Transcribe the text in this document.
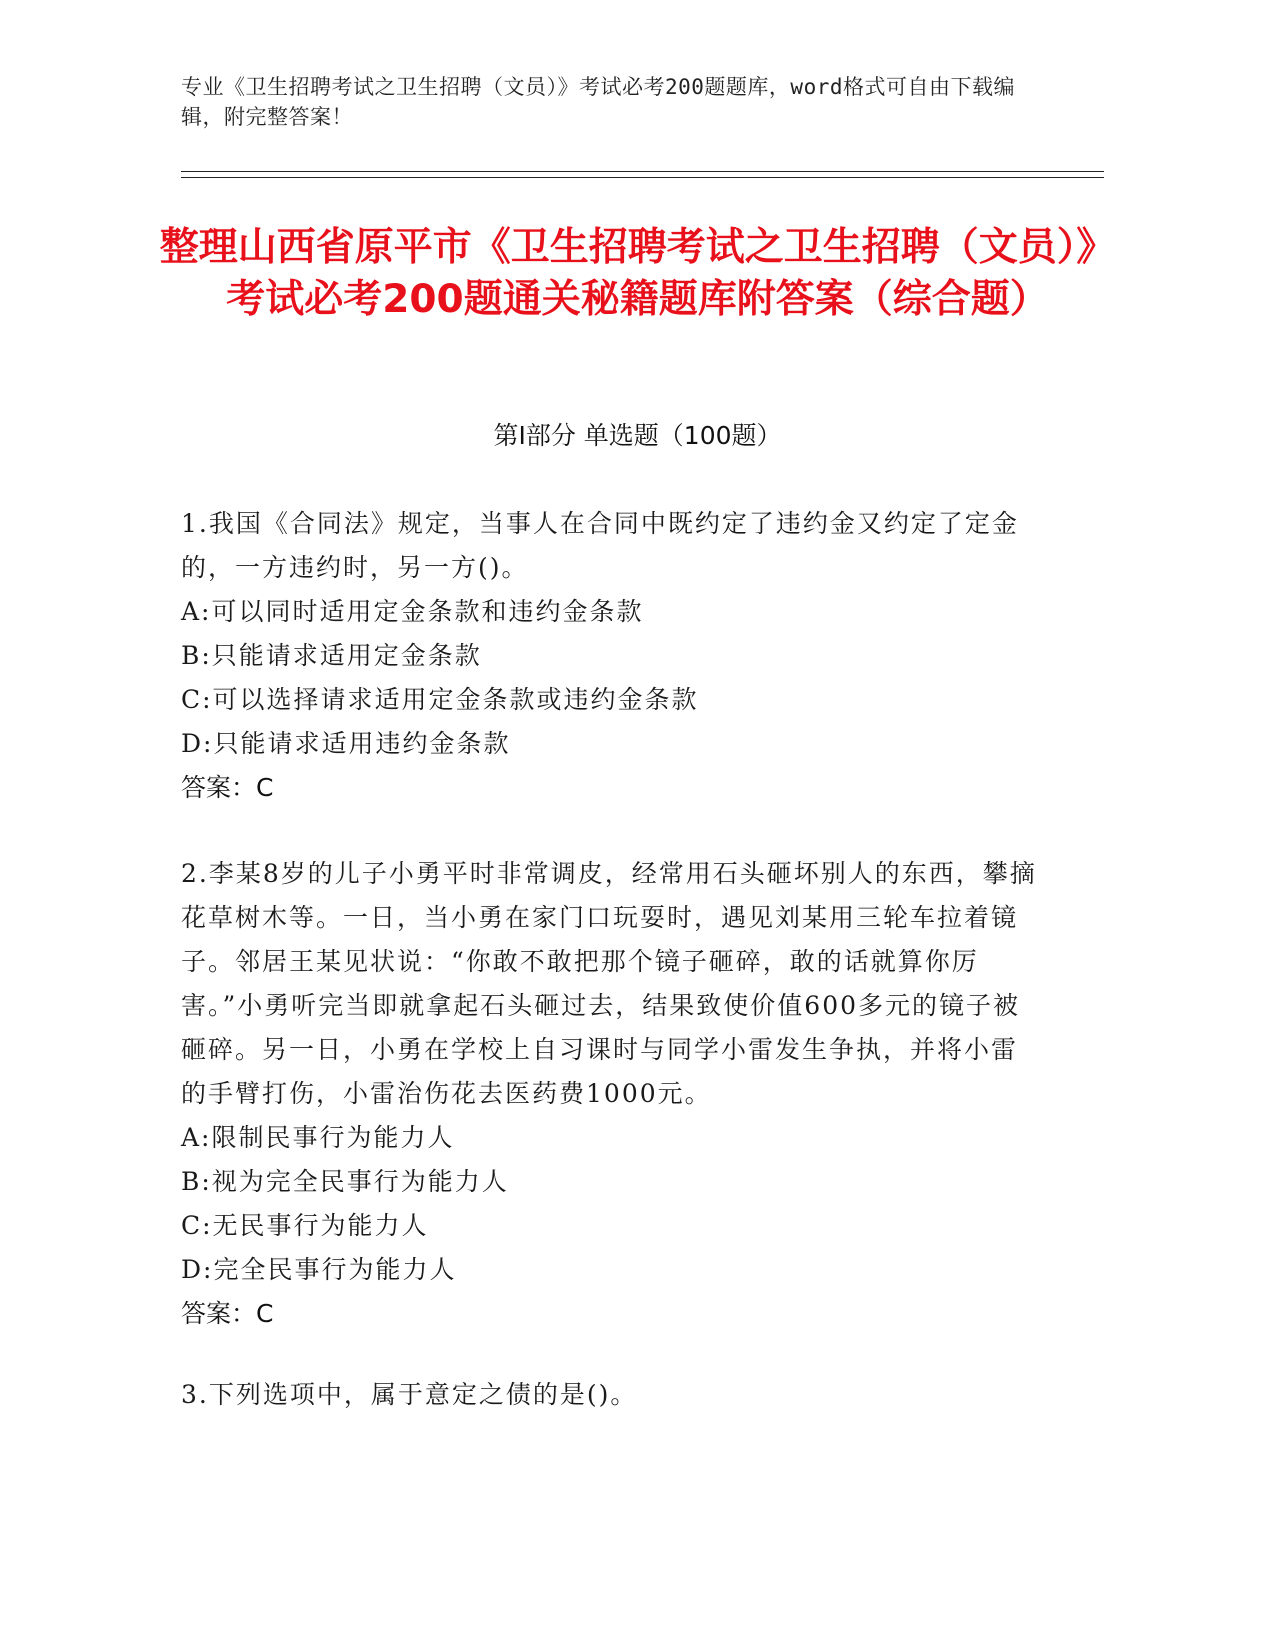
专业《卫生招聘考试之卫生招聘（文员）》考试必考200题题库，word格式可自由下载编辑，附完整答案！
整理山西省原平市《卫生招聘考试之卫生招聘（文员）》考试必考200题通关秘籍题库附答案（综合题）
第I部分 单选题（100题）
1.我国《合同法》规定，当事人在合同中既约定了违约金又约定了定金的，一方违约时，另一方()。
A:可以同时适用定金条款和违约金条款
B:只能请求适用定金条款
C:可以选择请求适用定金条款或违约金条款
D:只能请求适用违约金条款
答案：C
2.李某8岁的儿子小勇平时非常调皮，经常用石头砸坏别人的东西，攀摘花草树木等。一日，当小勇在家门口玩耍时，遇见刘某用三轮车拉着镜子。邻居王某见状说：“你敢不敢把那个镜子砸碎，敢的话就算你厉害。”小勇听完当即就拿起石头砸过去，结果致使价值600多元的镜子被砸碎。另一日，小勇在学校上自习课时与同学小雷发生争执，并将小雷的手臂打伤，小雷治伤花去医药费1000元。
A:限制民事行为能力人
B:视为完全民事行为能力人
C:无民事行为能力人
D:完全民事行为能力人
答案：C
3.下列选项中，属于意定之债的是()。
